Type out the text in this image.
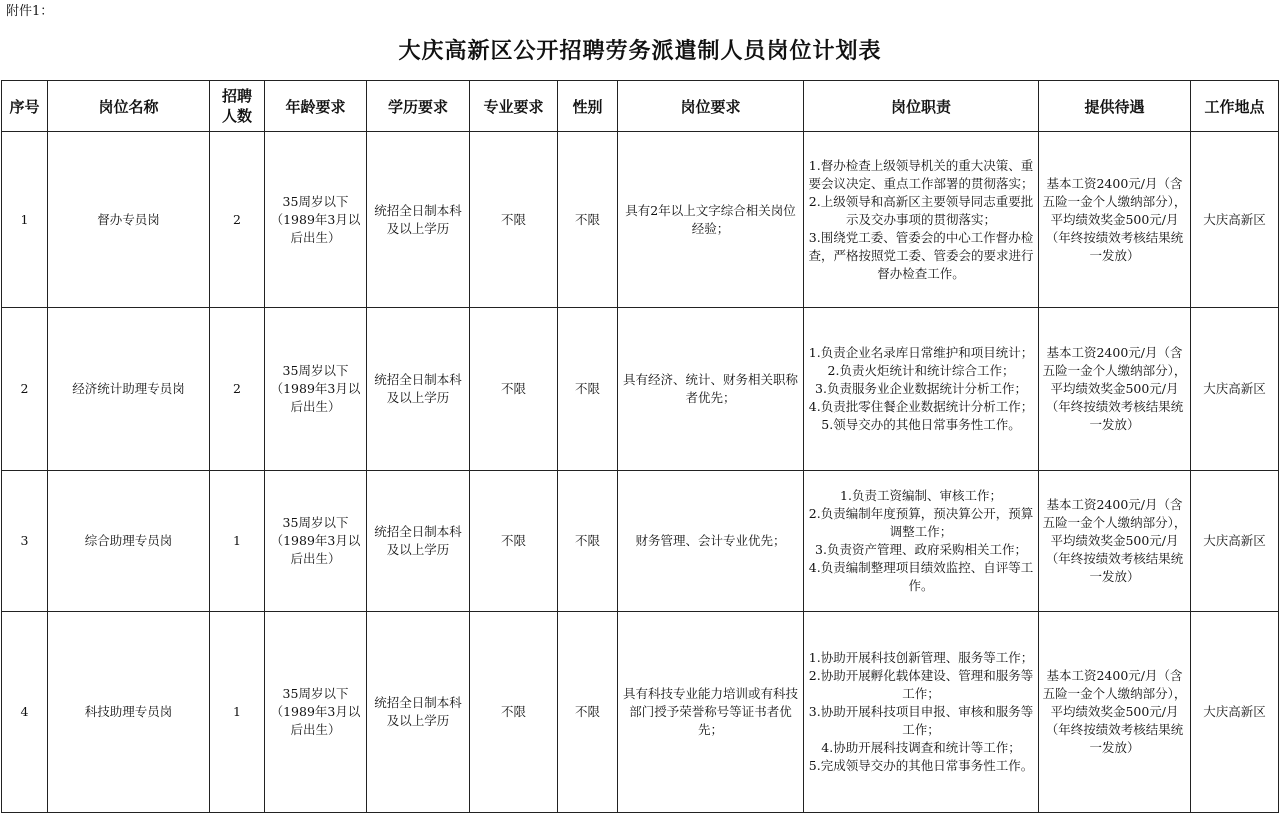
附件1：
大庆高新区公开招聘劳务派遣制人员岗位计划表
序号	岗位名称	招聘人数	年龄要求	学历要求	专业要求	性别	岗位要求	岗位职责	提供待遇	工作地点
1	督办专员岗	2	35周岁以下（1989年3月以后出生）	统招全日制本科及以上学历	不限	不限	具有2年以上文字综合相关岗位经验；	1.督办检查上级领导机关的重大决策、重要会议决定、重点工作部署的贯彻落实；
2.上级领导和高新区主要领导同志重要批示及交办事项的贯彻落实；
3.围绕党工委、管委会的中心工作督办检查，严格按照党工委、管委会的要求进行督办检查工作。	基本工资2400元/月（含五险一金个人缴纳部分），平均绩效奖金500元/月（年终按绩效考核结果统一发放）	大庆高新区
2	经济统计助理专员岗	2	35周岁以下（1989年3月以后出生）	统招全日制本科及以上学历	不限	不限	具有经济、统计、财务相关职称者优先；	1.负责企业名录库日常维护和项目统计；
2.负责火炬统计和统计综合工作；
3.负责服务业企业数据统计分析工作；
4.负责批零住餐企业数据统计分析工作；
5.领导交办的其他日常事务性工作。	基本工资2400元/月（含五险一金个人缴纳部分），平均绩效奖金500元/月（年终按绩效考核结果统一发放）	大庆高新区
3	综合助理专员岗	1	35周岁以下（1989年3月以后出生）	统招全日制本科及以上学历	不限	不限	财务管理、会计专业优先；	1.负责工资编制、审核工作；
2.负责编制年度预算，预决算公开，预算调整工作；
3.负责资产管理、政府采购相关工作；
4.负责编制整理项目绩效监控、自评等工作。	基本工资2400元/月（含五险一金个人缴纳部分），平均绩效奖金500元/月（年终按绩效考核结果统一发放）	大庆高新区
4	科技助理专员岗	1	35周岁以下（1989年3月以后出生）	统招全日制本科及以上学历	不限	不限	具有科技专业能力培训或有科技部门授予荣誉称号等证书者优先；	1.协助开展科技创新管理、服务等工作；
2.协助开展孵化载体建设、管理和服务等工作；
3.协助开展科技项目申报、审核和服务等工作；
4.协助开展科技调查和统计等工作；
5.完成领导交办的其他日常事务性工作。	基本工资2400元/月（含五险一金个人缴纳部分），平均绩效奖金500元/月（年终按绩效考核结果统一发放）	大庆高新区
